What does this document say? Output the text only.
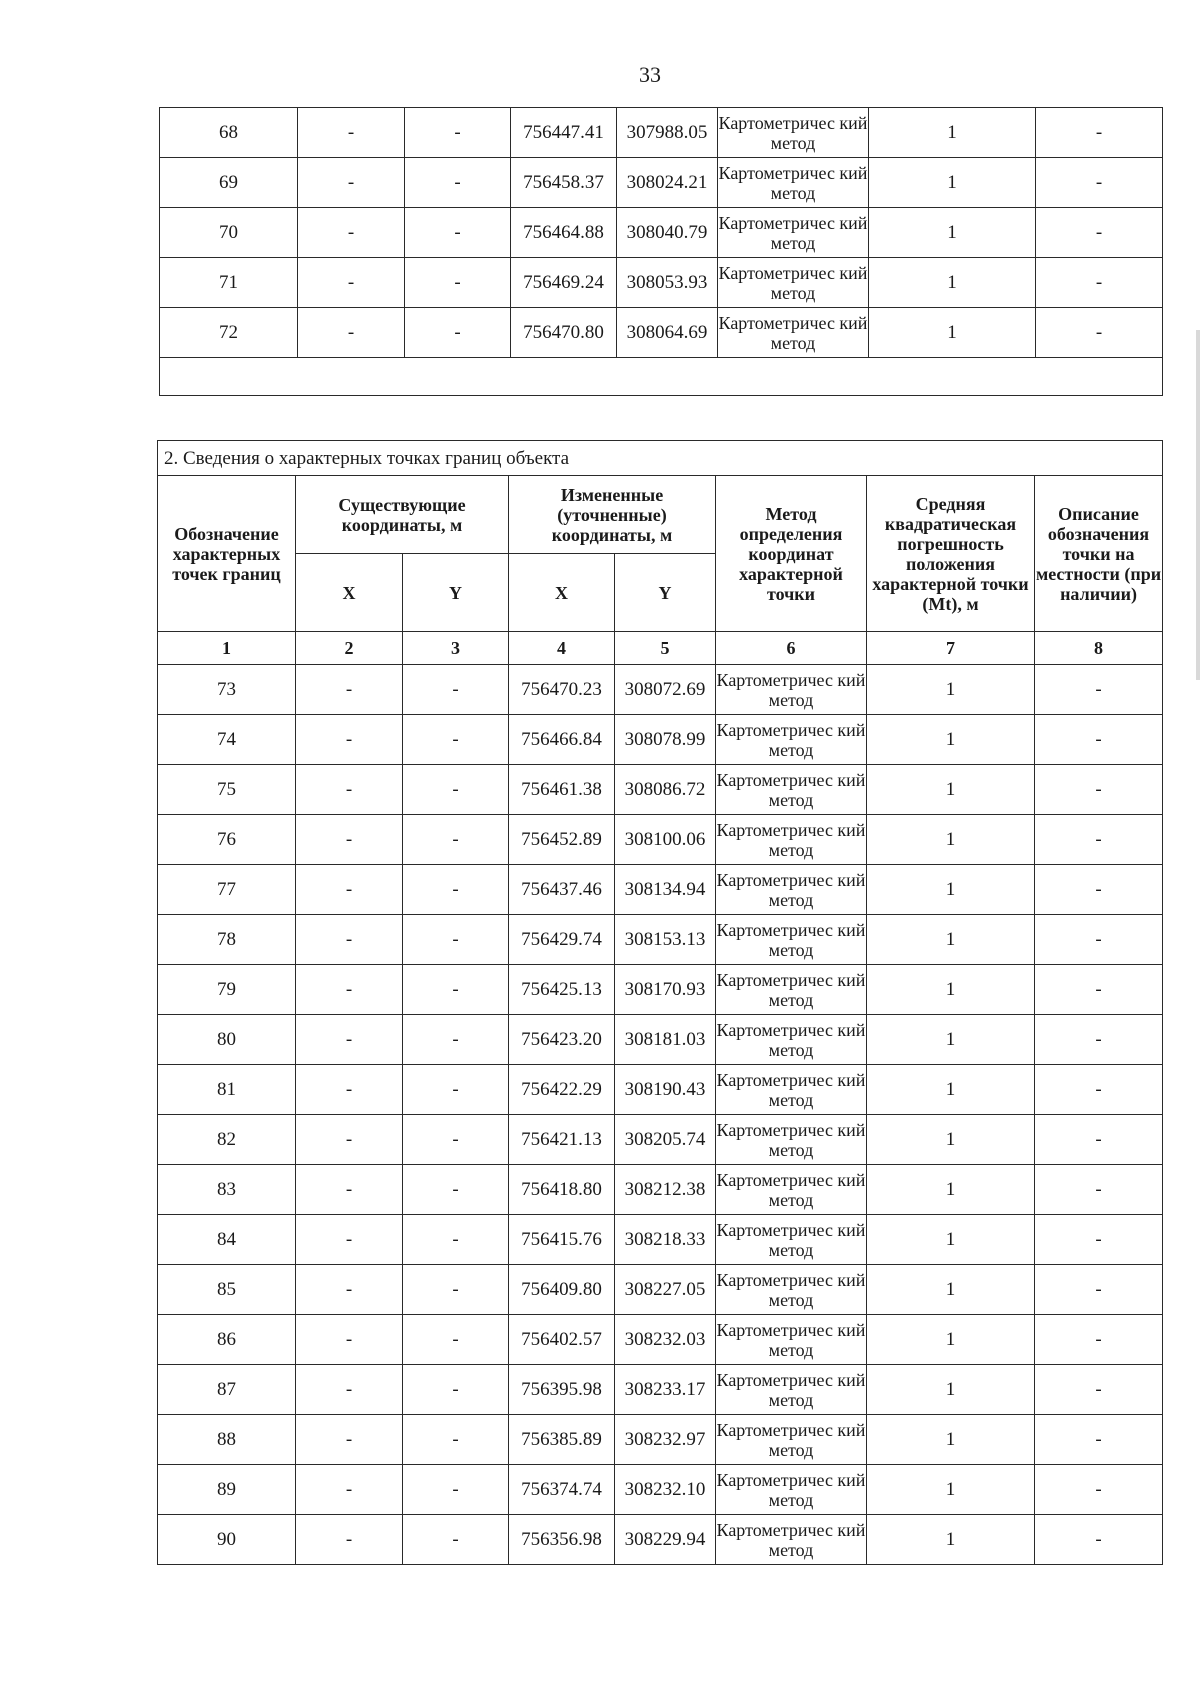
33
68	-	-	756447.41	307988.05	Картометричес кий метод	1	-
69	-	-	756458.37	308024.21	Картометричес кий метод	1	-
70	-	-	756464.88	308040.79	Картометричес кий метод	1	-
71	-	-	756469.24	308053.93	Картометричес кий метод	1	-
72	-	-	756470.80	308064.69	Картометричес кий метод	1	-

2. Сведения о характерных точках границ объекта							
Обозначение характерных точек границ	Существующие координаты, м		Измененные (уточненные) координаты, м		Метод определения координат характерной точки	Средняя квадратическая погрешность положения характерной точки (Mt), м	Описание обозначения точки на местности (при наличии)
	X	Y	X	Y			
1	2	3	4	5	6	7	8
73	-	-	756470.23	308072.69	Картометричес кий метод	1	-
74	-	-	756466.84	308078.99	Картометричес кий метод	1	-
75	-	-	756461.38	308086.72	Картометричес кий метод	1	-
76	-	-	756452.89	308100.06	Картометричес кий метод	1	-
77	-	-	756437.46	308134.94	Картометричес кий метод	1	-
78	-	-	756429.74	308153.13	Картометричес кий метод	1	-
79	-	-	756425.13	308170.93	Картометричес кий метод	1	-
80	-	-	756423.20	308181.03	Картометричес кий метод	1	-
81	-	-	756422.29	308190.43	Картометричес кий метод	1	-
82	-	-	756421.13	308205.74	Картометричес кий метод	1	-
83	-	-	756418.80	308212.38	Картометричес кий метод	1	-
84	-	-	756415.76	308218.33	Картометричес кий метод	1	-
85	-	-	756409.80	308227.05	Картометричес кий метод	1	-
86	-	-	756402.57	308232.03	Картометричес кий метод	1	-
87	-	-	756395.98	308233.17	Картометричес кий метод	1	-
88	-	-	756385.89	308232.97	Картометричес кий метод	1	-
89	-	-	756374.74	308232.10	Картометричес кий метод	1	-
90	-	-	756356.98	308229.94	Картометричес кий метод	1	-
